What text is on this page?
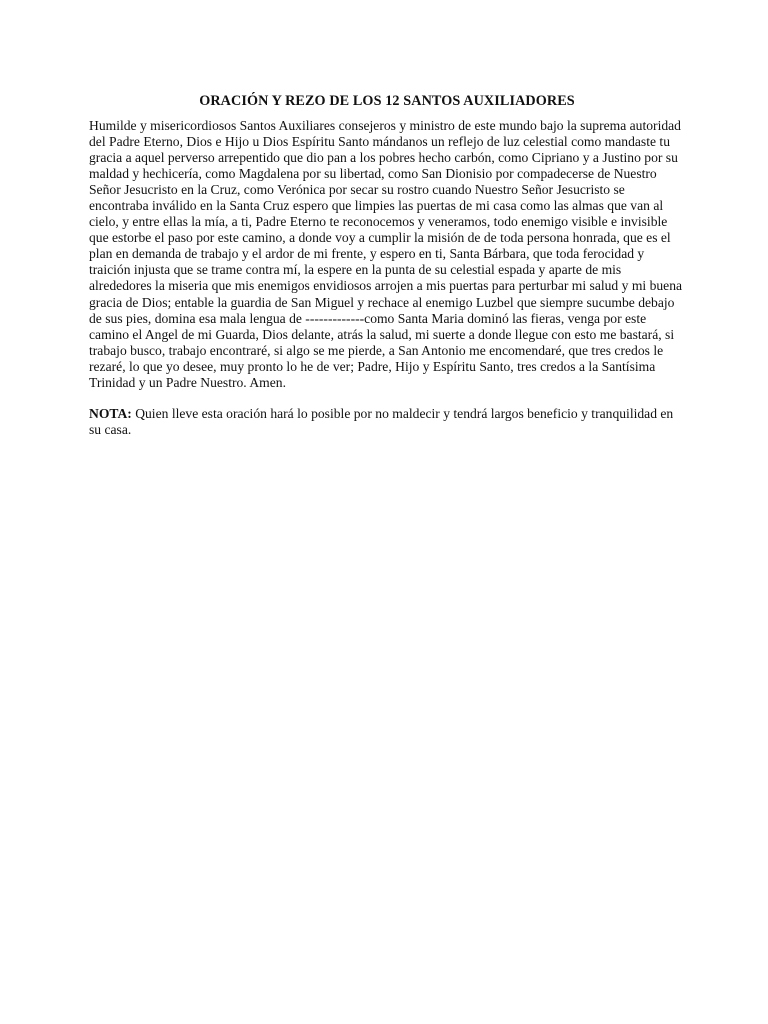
ORACIÓN Y REZO DE LOS 12 SANTOS AUXILIADORES

Humilde y misericordiosos Santos Auxiliares consejeros y ministro de este mundo bajo la suprema autoridad del Padre Eterno, Dios e Hijo u Dios Espíritu Santo mándanos un reflejo de luz celestial como mandaste tu gracia a aquel perverso arrepentido que dio pan a los pobres hecho carbón, como Cipriano y a Justino por su maldad y hechicería, como Magdalena por su libertad, como San Dionisio por compadecerse de Nuestro Señor Jesucristo en la Cruz, como Verónica por secar su rostro cuando Nuestro Señor Jesucristo se encontraba inválido en la Santa Cruz espero que limpies las puertas de mi casa como las almas que van al cielo, y entre ellas la mía, a ti, Padre Eterno te reconocemos y veneramos, todo enemigo visible e invisible que estorbe el paso por este camino, a donde voy a cumplir la misión de de toda persona honrada, que es el plan en demanda de trabajo y el ardor de mi frente, y espero en ti, Santa Bárbara, que toda ferocidad y traición injusta que se trame contra mí, la espere en la punta de su celestial espada y aparte de mis alrededores la miseria que mis enemigos envidiosos arrojen a mis puertas para perturbar mi salud y mi buena gracia de Dios; entable la guardia de San Miguel y rechace al enemigo Luzbel que siempre sucumbe debajo de sus pies, domina esa mala lengua de -------------como Santa Maria dominó las fieras, venga por este camino el Angel de mi Guarda, Dios delante, atrás la salud, mi suerte a donde llegue con esto me bastará, si trabajo busco, trabajo encontraré, si algo se me pierde, a San Antonio me encomendaré, que tres credos le rezaré, lo que yo desee, muy pronto lo he de ver; Padre, Hijo y Espíritu Santo, tres credos a la Santísima Trinidad y un Padre Nuestro. Amen.

NOTA: Quien lleve esta oración hará lo posible por no maldecir y tendrá largos beneficio y tranquilidad en su casa.
